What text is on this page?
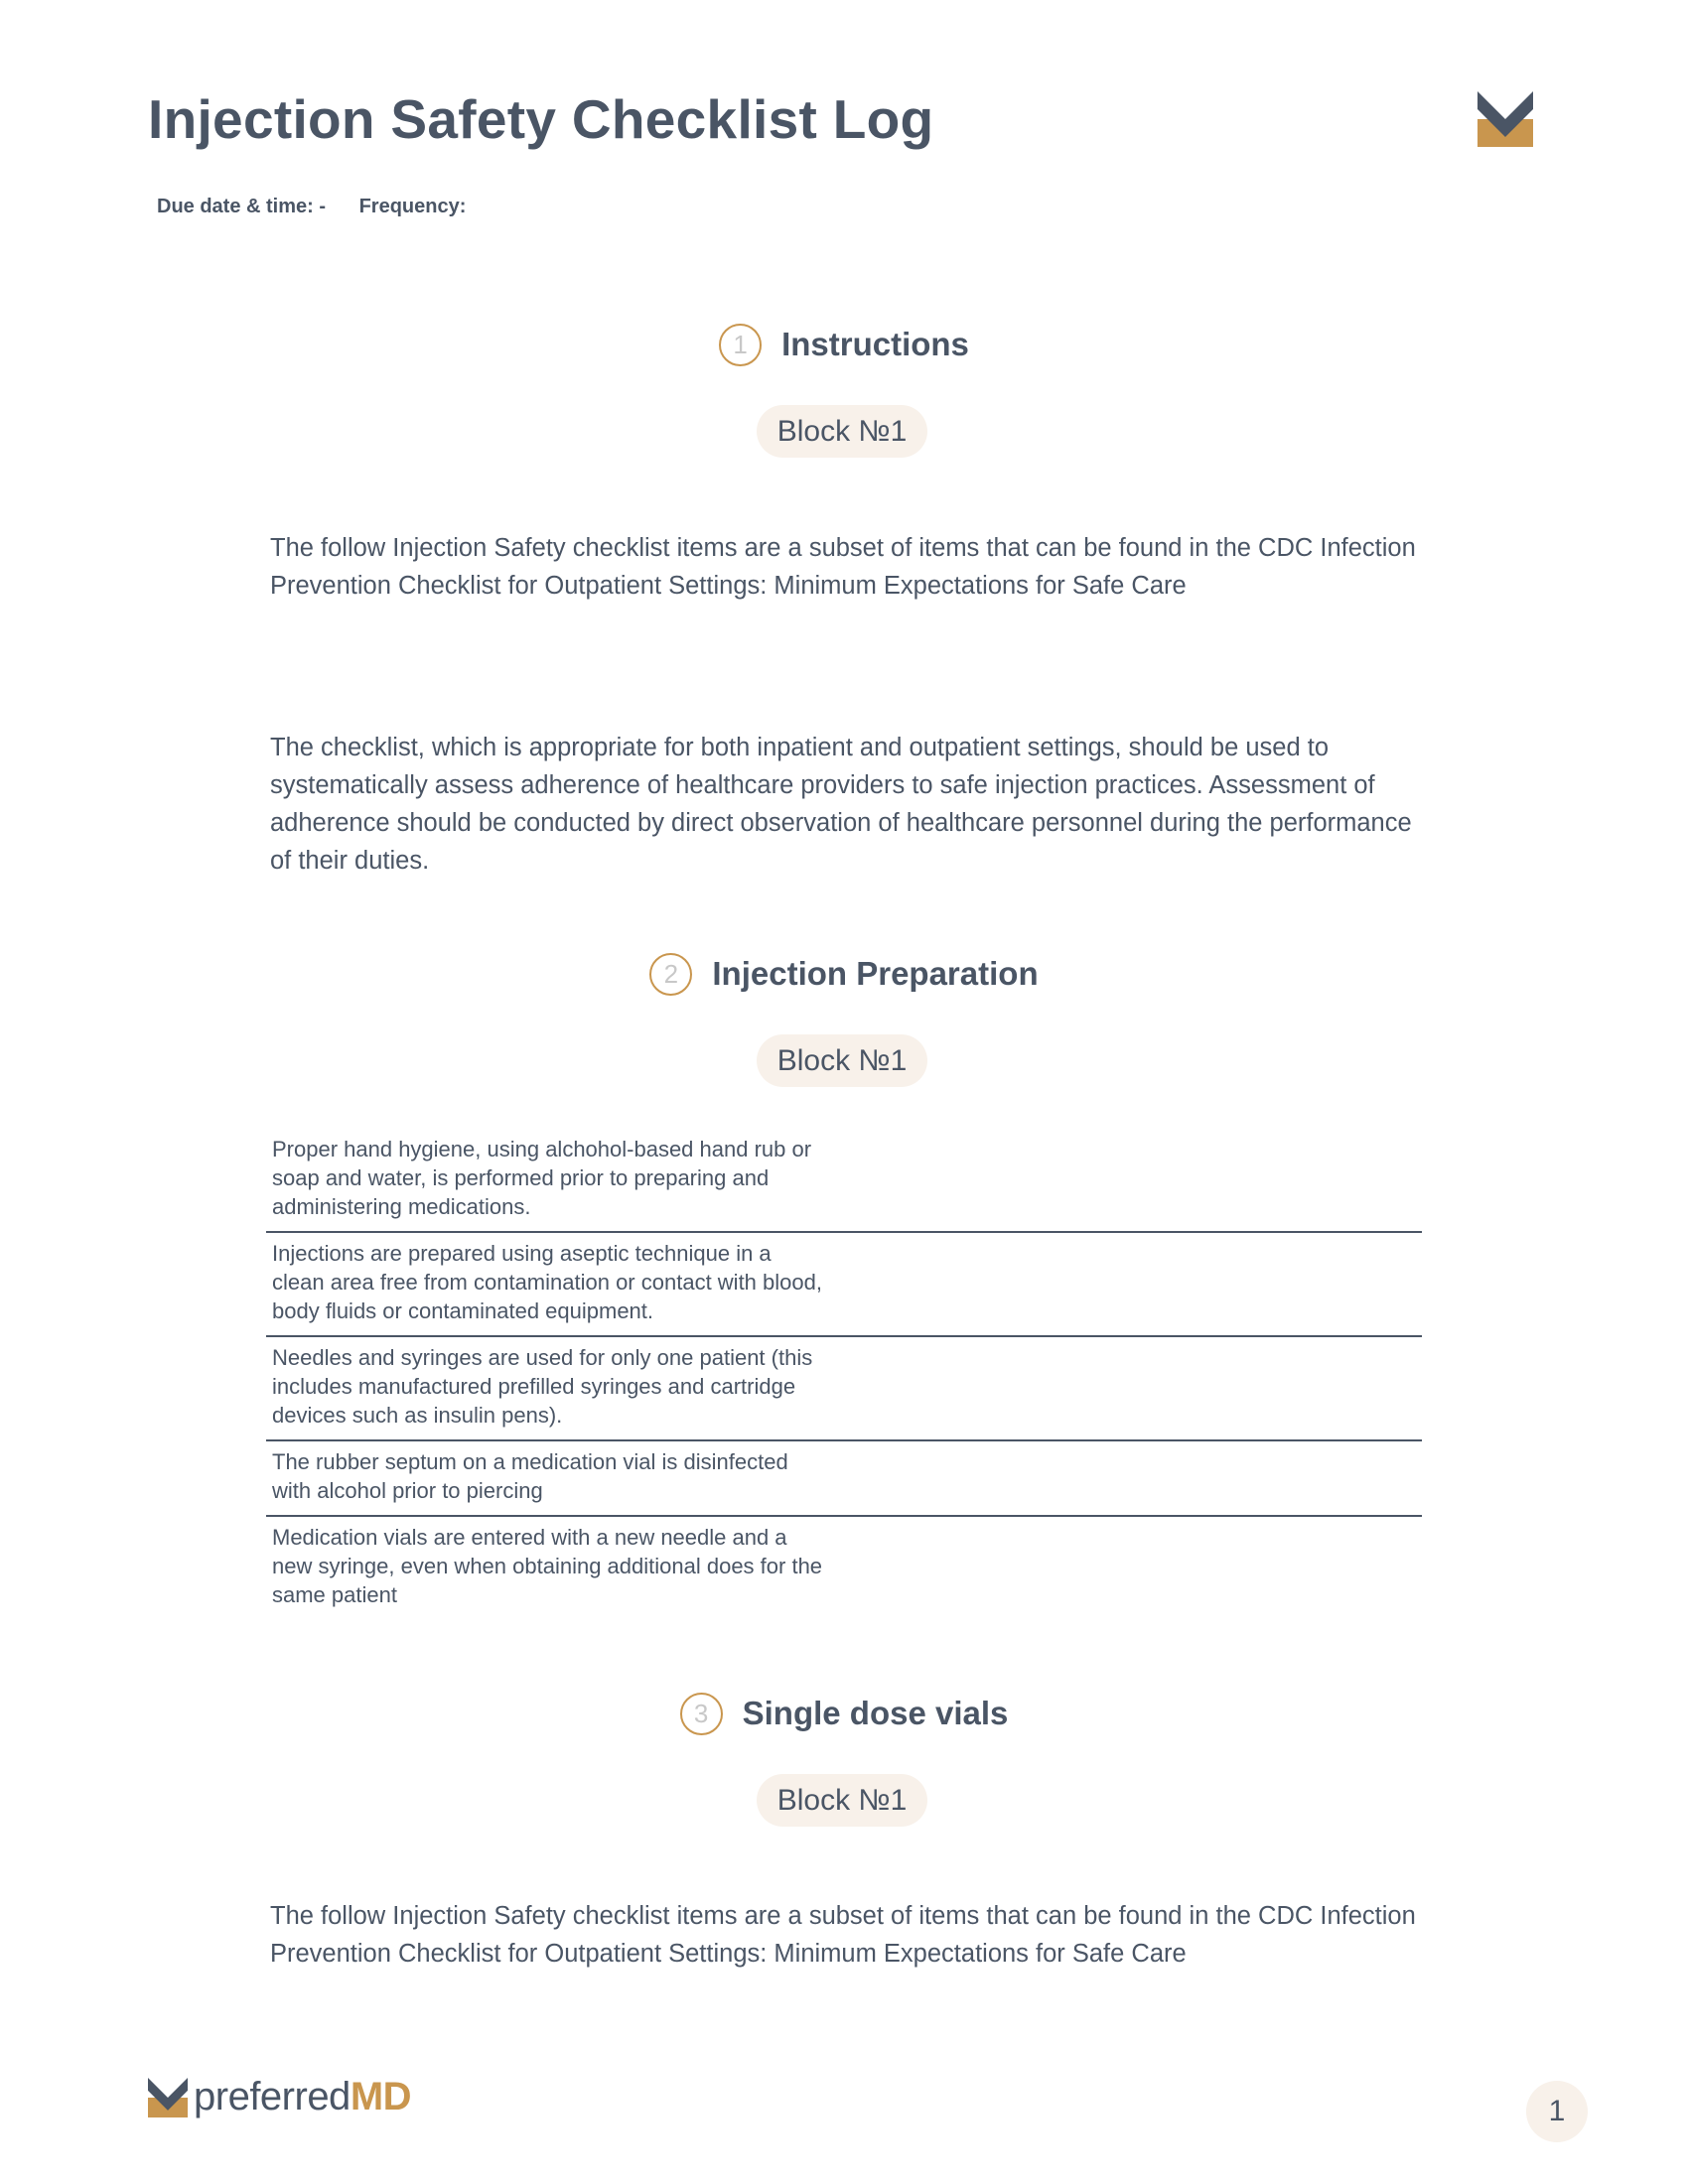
Injection Safety Checklist Log
Due date & time: - Frequency:
1	Instructions
Block №1

The follow Injection Safety checklist items are a subset of items that can be found in the CDC Infection Prevention Checklist for Outpatient Settings: Minimum Expectations for Safe Care

The checklist, which is appropriate for both inpatient and outpatient settings, should be used to systematically assess adherence of healthcare providers to safe injection practices. Assessment of adherence should be conducted by direct observation of healthcare personnel during the performance of their duties.

2	Injection Preparation
Block №1
Proper hand hygiene, using alchohol-based hand rub or soap and water, is performed prior to preparing and administering medications.
Injections are prepared using aseptic technique in a clean area free from contamination or contact with blood, body fluids or contaminated equipment.
Needles and syringes are used for only one patient (this includes manufactured prefilled syringes and cartridge devices such as insulin pens).
The rubber septum on a medication vial is disinfected with alcohol prior to piercing
Medication vials are entered with a new needle and a new syringe, even when obtaining additional does for the same patient
3	Single dose vials
Block №1

The follow Injection Safety checklist items are a subset of items that can be found in the CDC Infection Prevention Checklist for Outpatient Settings: Minimum Expectations for Safe Care

preferred MD	1
